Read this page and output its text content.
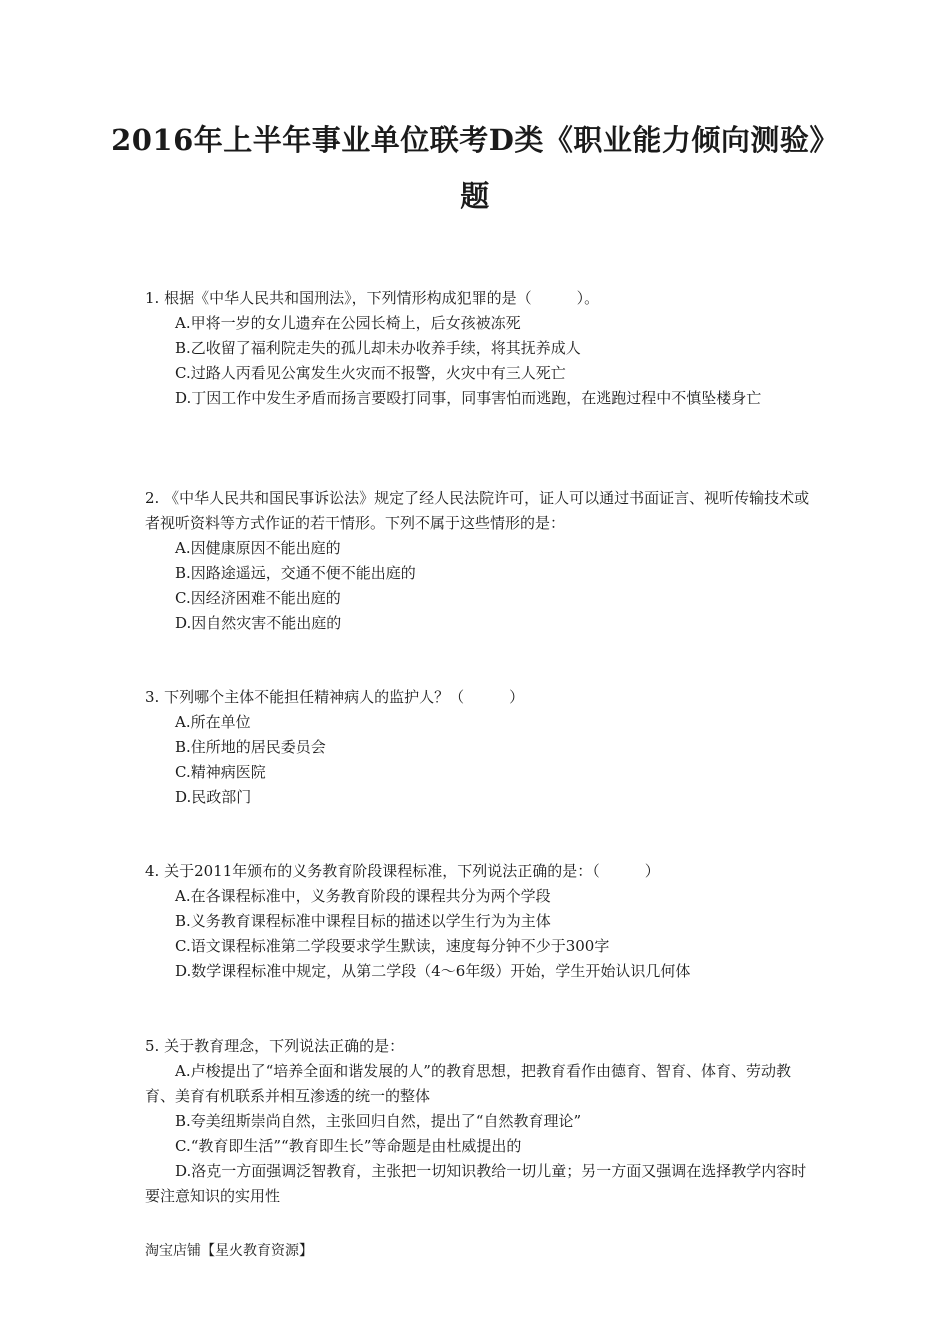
2016年上半年事业单位联考D类《职业能力倾向测验》
题

1. 根据《中华人民共和国刑法》，下列情形构成犯罪的是（　　　）。

A.甲将一岁的女儿遗弃在公园长椅上，后女孩被冻死

B.乙收留了福利院走失的孤儿却未办收养手续，将其抚养成人

C.过路人丙看见公寓发生火灾而不报警，火灾中有三人死亡

D.丁因工作中发生矛盾而扬言要殴打同事，同事害怕而逃跑，在逃跑过程中不慎坠楼身亡

2. 《中华人民共和国民事诉讼法》规定了经人民法院许可，证人可以通过书面证言、视听传输技术或者视听资料等方式作证的若干情形。下列不属于这些情形的是：

A.因健康原因不能出庭的

B.因路途遥远，交通不便不能出庭的

C.因经济困难不能出庭的

D.因自然灾害不能出庭的

3. 下列哪个主体不能担任精神病人的监护人？（　　　）

A.所在单位

B.住所地的居民委员会

C.精神病医院

D.民政部门

4. 关于2011年颁布的义务教育阶段课程标准，下列说法正确的是：（　　　）

A.在各课程标准中，义务教育阶段的课程共分为两个学段

B.义务教育课程标准中课程目标的描述以学生行为为主体

C.语文课程标准第二学段要求学生默读，速度每分钟不少于300字

D.数学课程标准中规定，从第二学段（4～6年级）开始，学生开始认识几何体

5. 关于教育理念，下列说法正确的是：

A.卢梭提出了“培养全面和谐发展的人”的教育思想，把教育看作由德育、智育、体育、劳动教育、美育有机联系并相互渗透的统一的整体

B.夸美纽斯崇尚自然，主张回归自然，提出了“自然教育理论”

C.“教育即生活”“教育即生长”等命题是由杜威提出的

D.洛克一方面强调泛智教育，主张把一切知识教给一切儿童；另一方面又强调在选择教学内容时要注意知识的实用性

淘宝店铺【星火教育资源】
